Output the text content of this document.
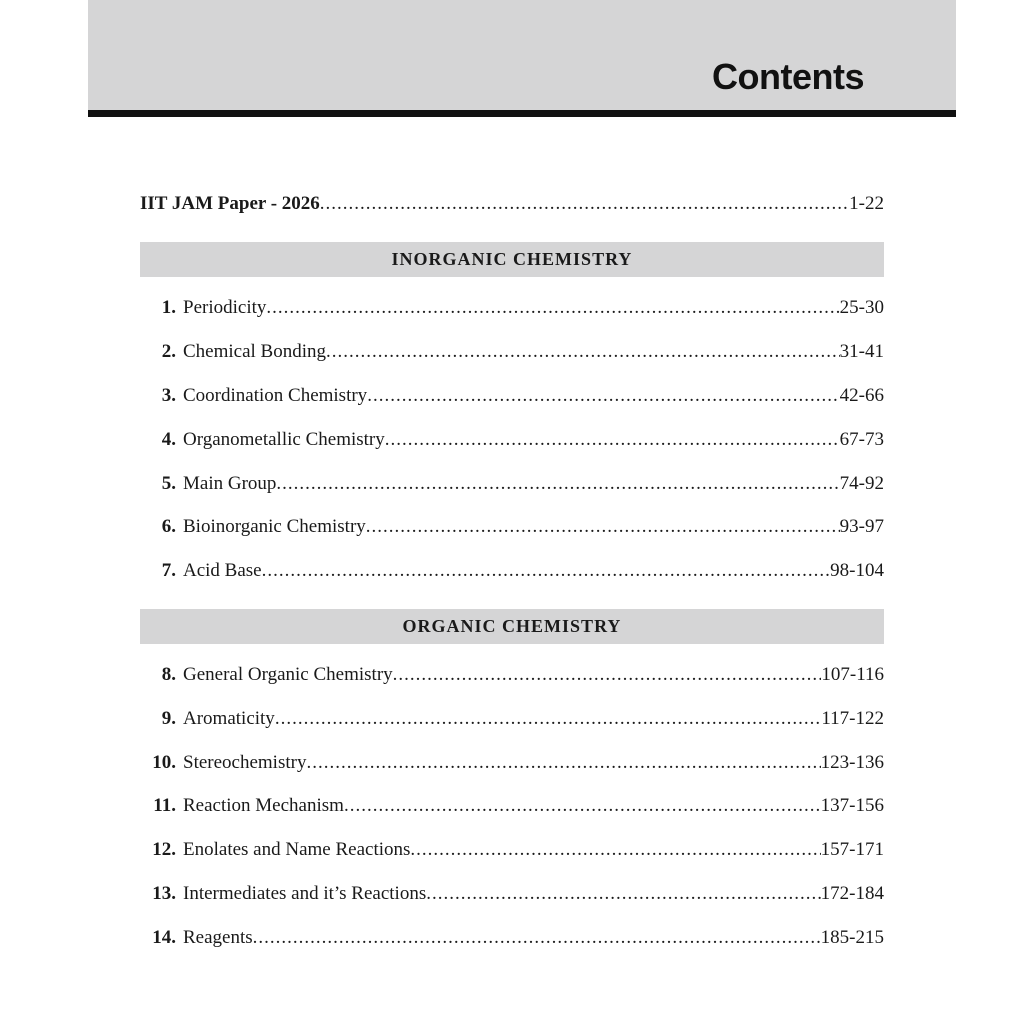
Contents
IIT JAM Paper - 2026 .....	1-22
INORGANIC CHEMISTRY
1. Periodicity .....	25-30
2. Chemical Bonding .....	31-41
3. Coordination Chemistry .....	42-66
4. Organometallic Chemistry .....	67-73
5. Main Group .....	74-92
6. Bioinorganic Chemistry .....	93-97
7. Acid Base .....	98-104
ORGANIC CHEMISTRY
8. General Organic Chemistry .....	107-116
9. Aromaticity .....	117-122
10. Stereochemistry .....	123-136
11. Reaction Mechanism .....	137-156
12. Enolates and Name Reactions .....	157-171
13. Intermediates and it’s Reactions .....	172-184
14. Reagents .....	185-215
